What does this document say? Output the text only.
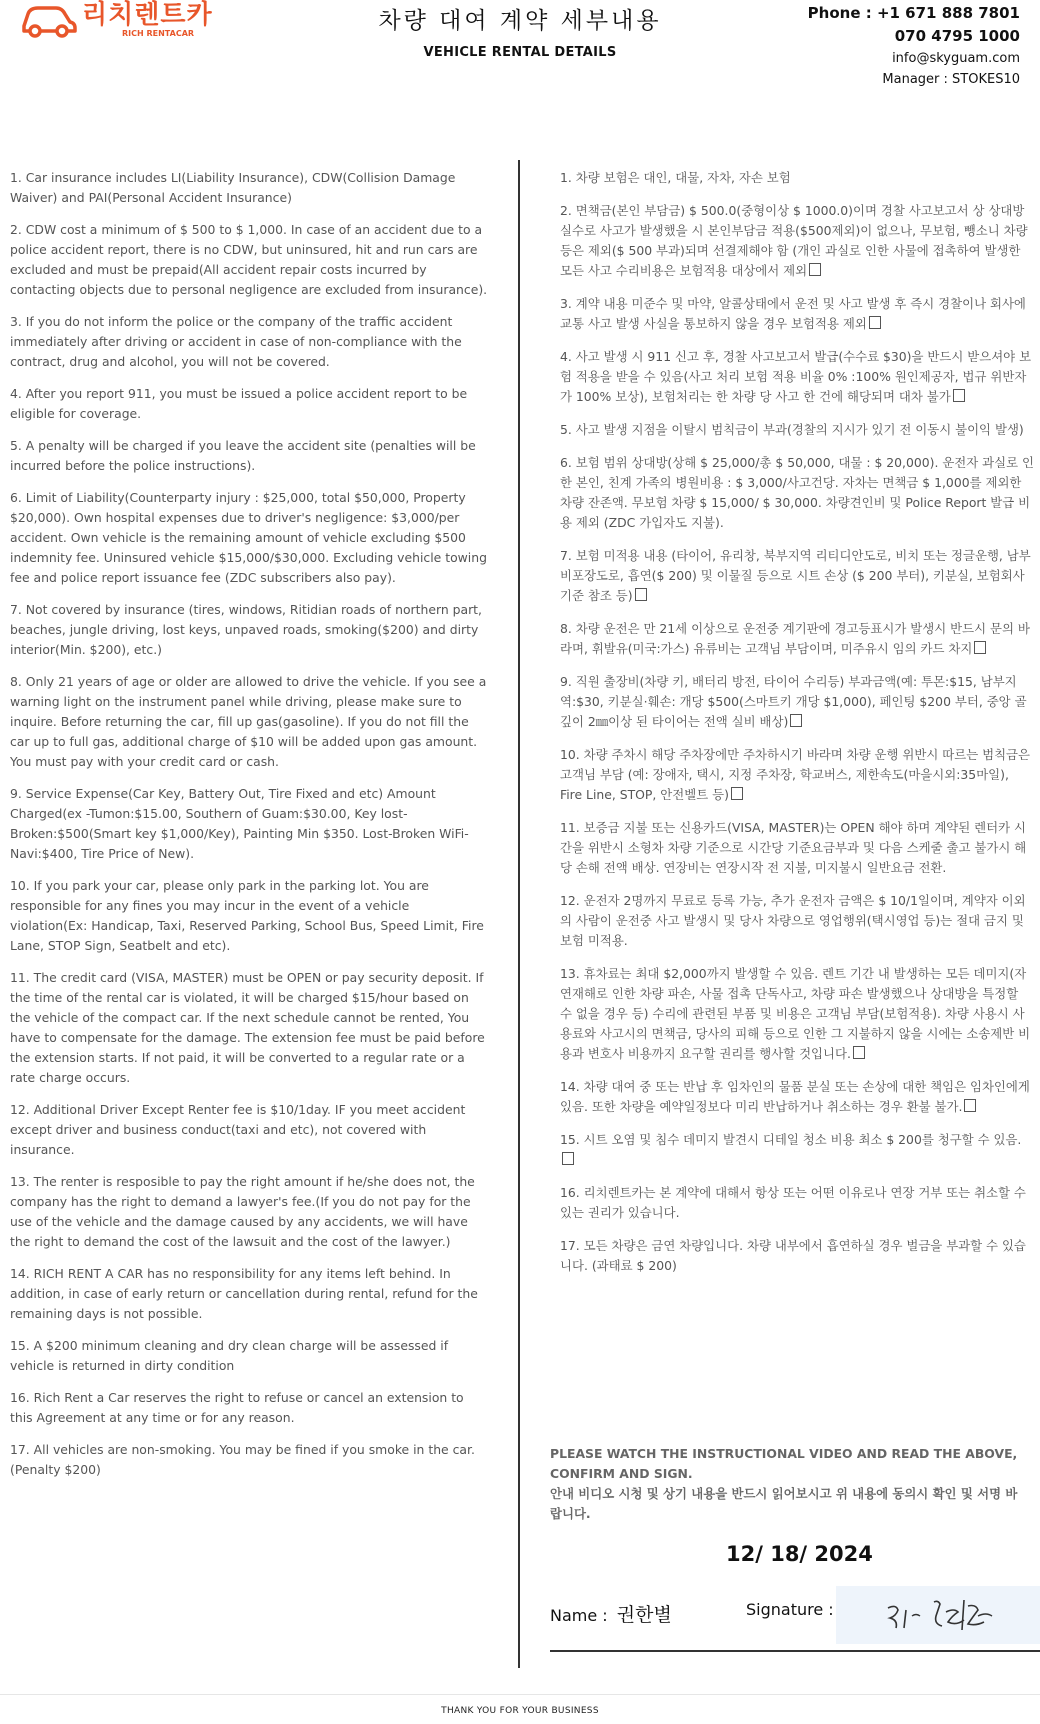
리치렌트카
RICH RENTACAR	차량 대여 계약 세부내용
VEHICLE RENTAL DETAILS
Phone : +1 671 888 7801
070 4795 1000
info@skyguam.com
Manager : STOKES10

1. Car insurance includes LI(Liability Insurance), CDW(Collision Damage Waiver) and PAI(Personal Accident Insurance)

2. CDW cost a minimum of $ 500 to $ 1,000. In case of an accident due to a police accident report, there is no CDW, but uninsured, hit and run cars are excluded and must be prepaid(All accident repair costs incurred by contacting objects due to personal negligence are excluded from insurance).

3. If you do not inform the police or the company of the traffic accident immediately after driving or accident in case of non-compliance with the contract, drug and alcohol, you will not be covered.

4. After you report 911, you must be issued a police accident report to be eligible for coverage.

5. A penalty will be charged if you leave the accident site (penalties will be incurred before the police instructions).

6. Limit of Liability(Counterparty injury : $25,000, total $50,000, Property $20,000). Own hospital expenses due to driver's negligence: $3,000/per accident. Own vehicle is the remaining amount of vehicle excluding $500 indemnity fee. Uninsured vehicle $15,000/$30,000. Excluding vehicle towing fee and police report issuance fee (ZDC subscribers also pay).

7. Not covered by insurance (tires, windows, Ritidian roads of northern part, beaches, jungle driving, lost keys, unpaved roads, smoking($200) and dirty interior(Min. $200), etc.)

8. Only 21 years of age or older are allowed to drive the vehicle. If you see a warning light on the instrument panel while driving, please make sure to inquire. Before returning the car, fill up gas(gasoline). If you do not fill the car up to full gas, additional charge of $10 will be added upon gas amount. You must pay with your credit card or cash.

9. Service Expense(Car Key, Battery Out, Tire Fixed and etc) Amount Charged(ex -Tumon:$15.00, Southern of Guam:$30.00, Key lost-Broken:$500(Smart key $1,000/Key), Painting Min $350. Lost-Broken WiFi-Navi:$400, Tire Price of New).

10. If you park your car, please only park in the parking lot. You are responsible for any fines you may incur in the event of a vehicle violation(Ex: Handicap, Taxi, Reserved Parking, School Bus, Speed Limit, Fire Lane, STOP Sign, Seatbelt and etc).

11. The credit card (VISA, MASTER) must be OPEN or pay security deposit. If the time of the rental car is violated, it will be charged $15/hour based on the vehicle of the compact car. If the next schedule cannot be rented, You have to compensate for the damage. The extension fee must be paid before the extension starts. If not paid, it will be converted to a regular rate or a rate charge occurs.

12. Additional Driver Except Renter fee is $10/1day. IF you meet accident except driver and business conduct(taxi and etc), not covered with insurance.

13. The renter is resposible to pay the right amount if he/she does not, the company has the right to demand a lawyer's fee.(If you do not pay for the use of the vehicle and the damage caused by any accidents, we will have the right to demand the cost of the lawsuit and the cost of the lawyer.)

14. RICH RENT A CAR has no responsibility for any items left behind. In addition, in case of early return or cancellation during rental, refund for the remaining days is not possible.

15. A $200 minimum cleaning and dry clean charge will be assessed if vehicle is returned in dirty condition

16. Rich Rent a Car reserves the right to refuse or cancel an extension to this Agreement at any time or for any reason.

17. All vehicles are non-smoking. You may be fined if you smoke in the car. (Penalty $200)

1. 차량 보험은 대인, 대물, 자차, 자손 보험

2. 면책금(본인 부담금) $ 500.0(중형이상 $ 1000.0)이며 경찰 사고보고서 상 상대방 실수로 사고가 발생했을 시 본인부담금 적용($500제외)이 없으나, 무보험, 뺑소니 차량 등은 제외($ 500 부과)되며 선결제해야 함 (개인 과실로 인한 사물에 접촉하여 발생한 모든 사고 수리비용은 보험적용 대상에서 제외

3. 계약 내용 미준수 및 마약, 알콜상태에서 운전 및 사고 발생 후 즉시 경찰이나 회사에 교통 사고 발생 사실을 통보하지 않을 경우 보험적용 제외

4. 사고 발생 시 911 신고 후, 경찰 사고보고서 발급(수수료 $30)을 반드시 받으셔야 보험 적용을 받을 수 있음(사고 처리 보험 적용 비율 0% :100% 원인제공자, 법규 위반자가 100% 보상), 보험처리는 한 차량 당 사고 한 건에 해당되며 대차 불가

5. 사고 발생 지점을 이탈시 범칙금이 부과(경찰의 지시가 있기 전 이동시 불이익 발생)

6. 보험 범위 상대방(상해 $ 25,000/총 $ 50,000, 대물 : $ 20,000). 운전자 과실로 인한 본인, 친계 가족의 병원비용 : $ 3,000/사고건당. 자차는 면책금 $ 1,000를 제외한 차량 잔존액. 무보험 차량 $ 15,000/ $ 30,000. 차량견인비 및 Police Report 발급 비용 제외 (ZDC 가입자도 지불).

7. 보험 미적용 내용 (타이어, 유리창, 북부지역 리티디안도로, 비치 또는 정글운행, 남부 비포장도로, 흡연($ 200) 및 이물질 등으로 시트 손상 ($ 200 부터), 키분실, 보험회사 기준 참조 등)

8. 차량 운전은 만 21세 이상으로 운전중 계기판에 경고등표시가 발생시 반드시 문의 바라며, 휘발유(미국:가스) 유류비는 고객님 부담이며, 미주유시 임의 카드 차지

9. 직원 출장비(차량 키, 배터리 방전, 타이어 수리등) 부과금액(예: 투몬:$15, 남부지역:$30, 키분실·훼손: 개당 $500(스마트키 개당 $1,000), 페인팅 $200 부터, 중앙 골 깊이 2㎜이상 된 타이어는 전액 실비 배상)

10. 차량 주차시 해당 주차장에만 주차하시기 바라며 차량 운행 위반시 따르는 범칙금은 고객님 부담 (예: 장애자, 택시, 지정 주차장, 학교버스, 제한속도(마을시외:35마일), Fire Line, STOP, 안전벨트 등)

11. 보증금 지불 또는 신용카드(VISA, MASTER)는 OPEN 해야 하며 계약된 렌터카 시간을 위반시 소형차 차량 기준으로 시간당 기준요금부과 및 다음 스케줄 출고 불가시 해당 손해 전액 배상. 연장비는 연장시작 전 지불, 미지불시 일반요금 전환.

12. 운전자 2명까지 무료로 등록 가능, 추가 운전자 금액은 $ 10/1일이며, 계약자 이외의 사람이 운전중 사고 발생시 및 당사 차량으로 영업행위(택시영업 등)는 절대 금지 및 보험 미적용.

13. 휴차료는 최대 $2,000까지 발생할 수 있음. 렌트 기간 내 발생하는 모든 데미지(자연재해로 인한 차량 파손, 사물 접촉 단독사고, 차량 파손 발생했으나 상대방을 특정할 수 없을 경우 등) 수리에 관련된 부품 및 비용은 고객님 부담(보험적용). 차량 사용시 사용료와 사고시의 면책금, 당사의 피해 등으로 인한 그 지불하지 않을 시에는 소송제반 비용과 변호사 비용까지 요구할 권리를 행사할 것입니다.

14. 차량 대여 중 또는 반납 후 임차인의 물품 분실 또는 손상에 대한 책임은 임차인에게 있음. 또한 차량을 예약일정보다 미리 반납하거나 취소하는 경우 환불 불가.

15. 시트 오염 및 침수 데미지 발견시 디테일 청소 비용 최소 $ 200를 청구할 수 있음.

16. 리치렌트카는 본 계약에 대해서 항상 또는 어떤 이유로나 연장 거부 또는 취소할 수 있는 권리가 있습니다.

17. 모든 차량은 금연 차량입니다. 차량 내부에서 흡연하실 경우 벌금을 부과할 수 있습니다. (과태료 $ 200)

PLEASE WATCH THE INSTRUCTIONAL VIDEO AND READ THE ABOVE, CONFIRM AND SIGN.

안내 비디오 시청 및 상기 내용을 반드시 읽어보시고 위 내용에 동의시 확인 및 서명 바랍니다.

12/ 18/ 2024
Name : 권한별	Signature :
THANK YOU FOR YOUR BUSINESS
